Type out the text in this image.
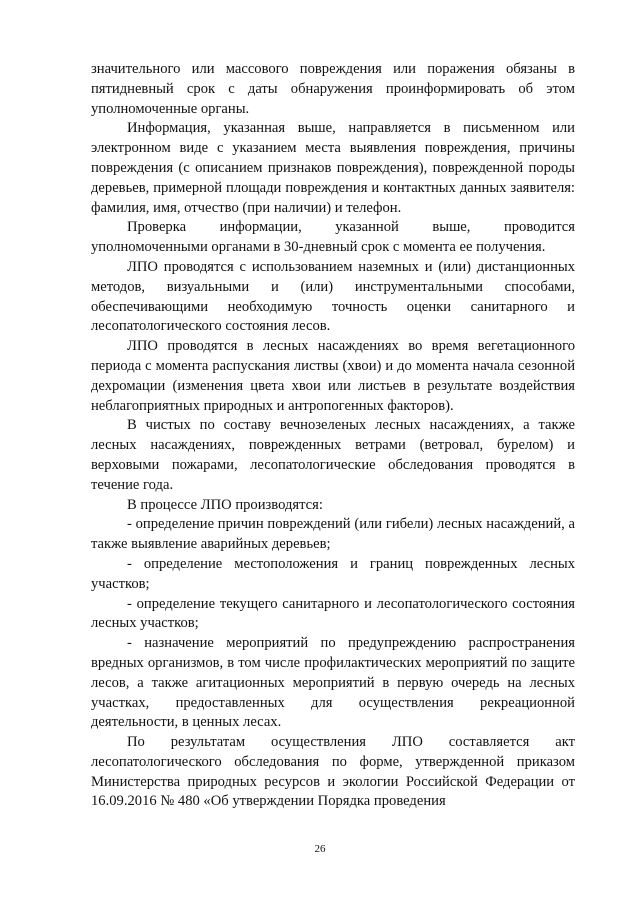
значительного или массового повреждения или поражения обязаны в пятидневный срок с даты обнаружения проинформировать об этом уполномоченные органы.

Информация, указанная выше, направляется в письменном или электронном виде с указанием места выявления повреждения, причины повреждения (с описанием признаков повреждения), поврежденной породы деревьев, примерной площади повреждения и контактных данных заявителя: фамилия, имя, отчество (при наличии) и телефон.

Проверка информации, указанной выше, проводится уполномоченными органами в 30-дневный срок с момента ее получения.

ЛПО проводятся с использованием наземных и (или) дистанционных методов, визуальными и (или) инструментальными способами, обеспечивающими необходимую точность оценки санитарного и лесопатологического состояния лесов.

ЛПО проводятся в лесных насаждениях во время вегетационного периода с момента распускания листвы (хвои) и до момента начала сезонной дехромации (изменения цвета хвои или листьев в результате воздействия неблагоприятных природных и антропогенных факторов).

В чистых по составу вечнозеленых лесных насаждениях, а также лесных насаждениях, поврежденных ветрами (ветровал, бурелом) и верховыми пожарами, лесопатологические обследования проводятся в течение года.

В процессе ЛПО производятся:

- определение причин повреждений (или гибели) лесных насаждений, а также выявление аварийных деревьев;

- определение местоположения и границ поврежденных лесных участков;

- определение текущего санитарного и лесопатологического состояния лесных участков;

- назначение мероприятий по предупреждению распространения вредных организмов, в том числе профилактических мероприятий по защите лесов, а также агитационных мероприятий в первую очередь на лесных участках, предоставленных для осуществления рекреационной деятельности, в ценных лесах.

По результатам осуществления ЛПО составляется акт лесопатологического обследования по форме, утвержденной приказом Министерства природных ресурсов и экологии Российской Федерации от 16.09.2016 № 480 «Об утверждении Порядка проведения

26
